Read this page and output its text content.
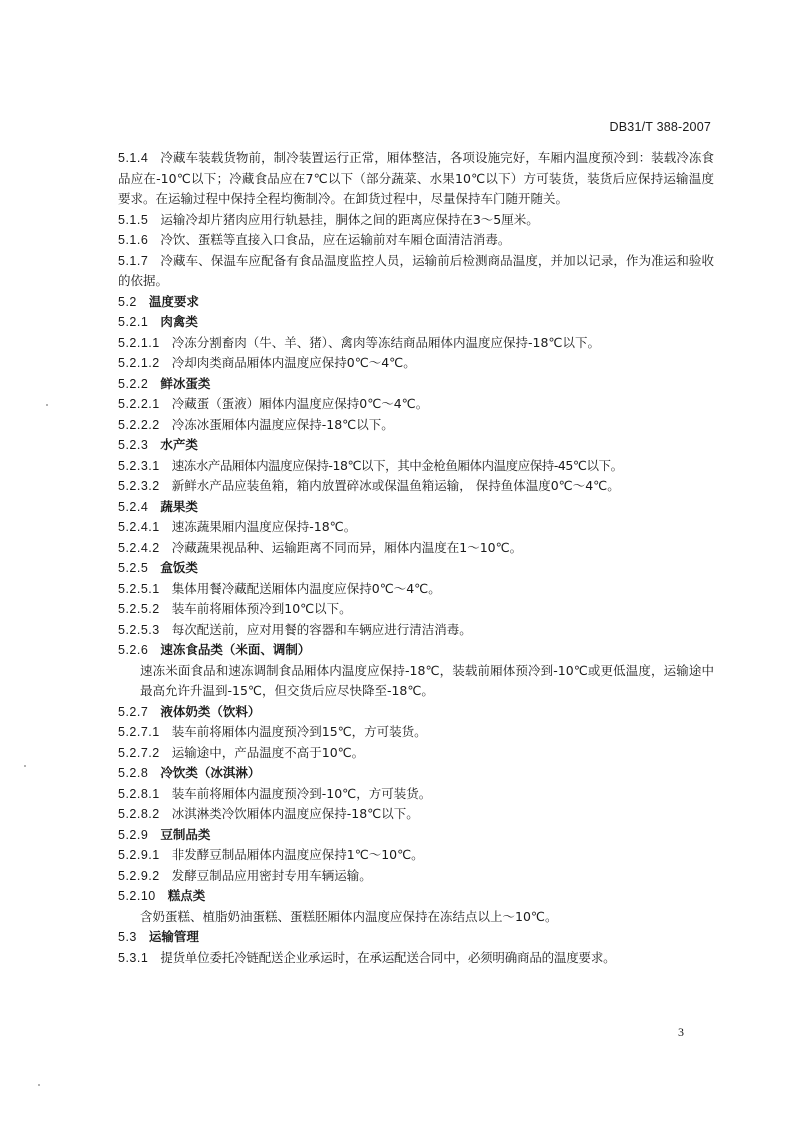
DB31/T 388-2007
5.1.4 冷藏车装载货物前，制冷装置运行正常，厢体整洁，各项设施完好，车厢内温度预冷到：装载冷冻食品应在-10℃以下；冷藏食品应在7℃以下（部分蔬菜、水果10℃以下）方可装货，装货后应保持运输温度要求。在运输过程中保持全程均衡制冷。在卸货过程中，尽量保持车门随开随关。
5.1.5 运输冷却片猪肉应用行轨悬挂，胴体之间的距离应保持在3～5厘米。
5.1.6 冷饮、蛋糕等直接入口食品，应在运输前对车厢仓面清洁消毒。
5.1.7 冷藏车、保温车应配备有食品温度监控人员，运输前后检测商品温度，并加以记录，作为准运和验收的依据。
5.2 温度要求
5.2.1 肉禽类
5.2.1.1 冷冻分割畜肉（牛、羊、猪）、禽肉等冻结商品厢体内温度应保持-18℃以下。
5.2.1.2 冷却肉类商品厢体内温度应保持0℃～4℃。
5.2.2 鲜冰蛋类
5.2.2.1 冷藏蛋（蛋液）厢体内温度应保持0℃～4℃。
5.2.2.2 冷冻冰蛋厢体内温度应保持-18℃以下。
5.2.3 水产类
5.2.3.1 速冻水产品厢体内温度应保持-18℃以下，其中金枪鱼厢体内温度应保持-45℃以下。
5.2.3.2 新鲜水产品应装鱼箱，箱内放置碎冰或保温鱼箱运输， 保持鱼体温度0℃～4℃。
5.2.4 蔬果类
5.2.4.1 速冻蔬果厢内温度应保持-18℃。
5.2.4.2 冷藏蔬果视品种、运输距离不同而异，厢体内温度在1～10℃。
5.2.5 盒饭类
5.2.5.1 集体用餐冷藏配送厢体内温度应保持0℃～4℃。
5.2.5.2 装车前将厢体预冷到10℃以下。
5.2.5.3 每次配送前，应对用餐的容器和车辆应进行清洁消毒。
5.2.6 速冻食品类（米面、调制）
速冻米面食品和速冻调制食品厢体内温度应保持-18℃，装载前厢体预冷到-10℃或更低温度，运输途中最高允许升温到-15℃，但交货后应尽快降至-18℃。
5.2.7 液体奶类（饮料）
5.2.7.1 装车前将厢体内温度预冷到15℃，方可装货。
5.2.7.2 运输途中，产品温度不高于10℃。
5.2.8 冷饮类（冰淇淋）
5.2.8.1 装车前将厢体内温度预冷到-10℃，方可装货。
5.2.8.2 冰淇淋类冷饮厢体内温度应保持-18℃以下。
5.2.9 豆制品类
5.2.9.1 非发酵豆制品厢体内温度应保持1℃～10℃。
5.2.9.2 发酵豆制品应用密封专用车辆运输。
5.2.10 糕点类
含奶蛋糕、植脂奶油蛋糕、蛋糕胚厢体内温度应保持在冻结点以上～10℃。
5.3 运输管理
5.3.1 提货单位委托冷链配送企业承运时，在承运配送合同中，必须明确商品的温度要求。
3
